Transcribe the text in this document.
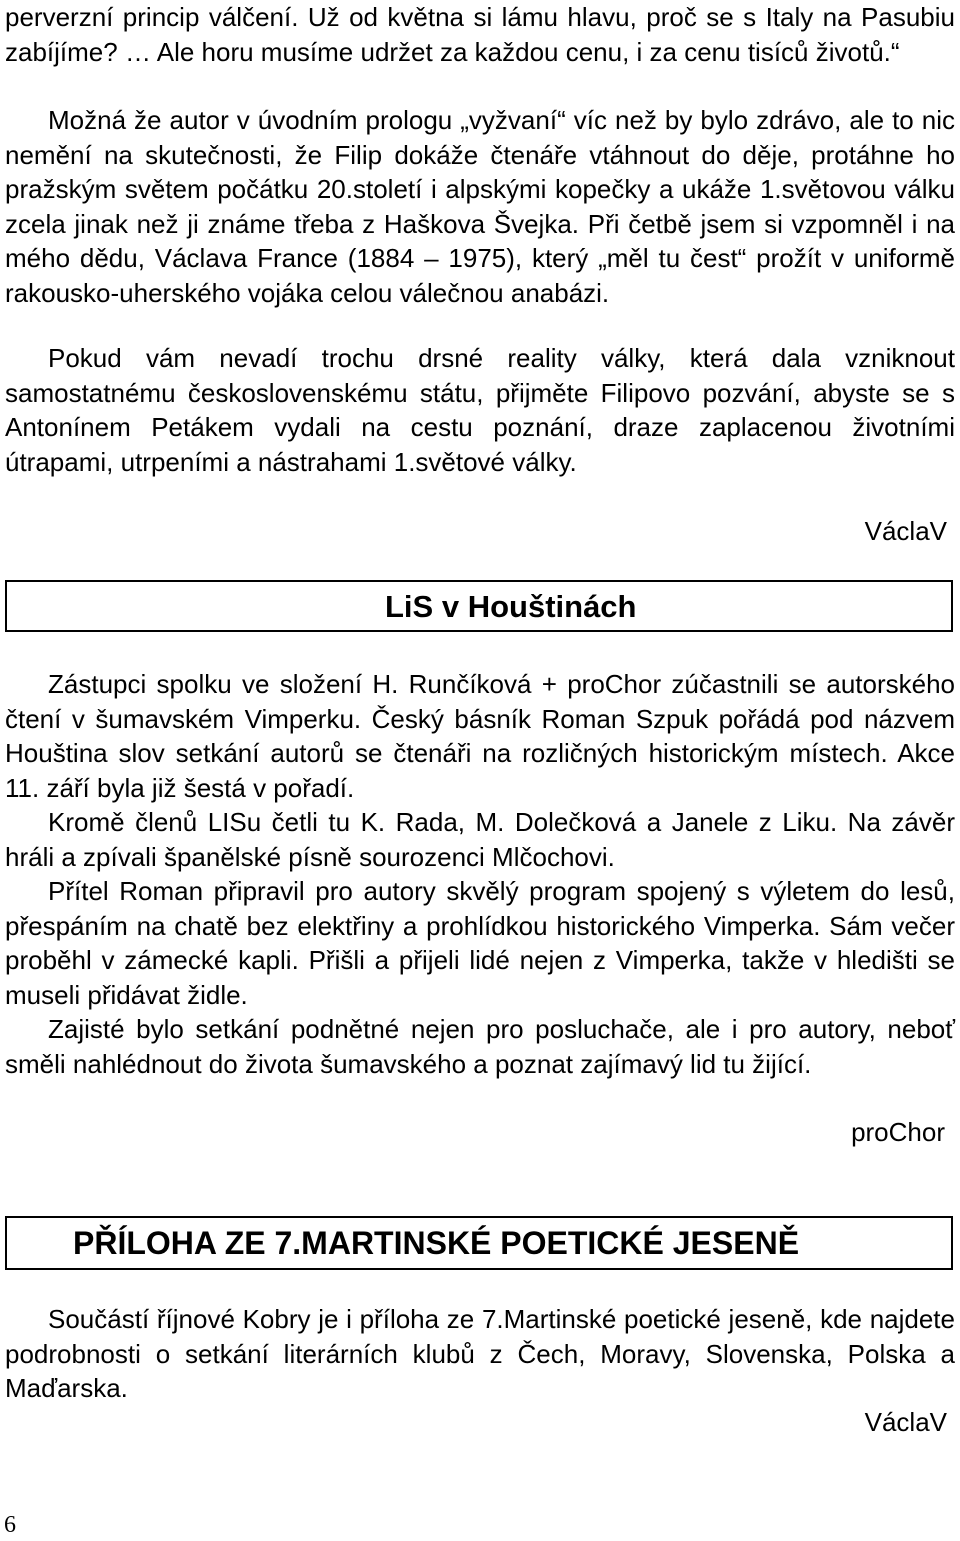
perverzní princip válčení. Už od května si lámu hlavu, proč se s Italy na Pasubiu zabíjíme? … Ale horu musíme udržet za každou cenu, i za cenu tisíců životů.“

Možná že autor v úvodním prologu „vyžvaní“ víc než by bylo zdrávo, ale to nic nemění na skutečnosti, že Filip dokáže čtenáře vtáhnout do děje, protáhne ho pražským světem počátku 20.století i alpskými kopečky a ukáže 1.světovou válku zcela jinak než ji známe třeba z Haškova Švejka. Při četbě jsem si vzpomněl i na mého dědu, Václava France (1884 – 1975), který „měl tu čest“ prožít v uniformě rakousko-uherského vojáka celou válečnou anabázi.

Pokud vám nevadí trochu drsné reality války, která dala vzniknout samostatnému československému státu, přijměte Filipovo pozvání, abyste se s Antonínem Petákem vydali na cestu poznání, draze zaplacenou životními útrapami, utrpeními a nástrahami 1.světové války.

VáclaV

LiS v Houštinách

Zástupci spolku ve složení H. Runčíková + proChor zúčastnili se autorského čtení v šumavském Vimperku. Český básník Roman Szpuk pořádá pod názvem Houština slov setkání autorů se čtenáři na rozličných historickým místech. Akce 11. září byla již šestá v pořadí.

Kromě členů LISu četli tu K. Rada, M. Dolečková a Janele z Liku. Na závěr hráli a zpívali španělské písně sourozenci Mlčochovi.

Přítel Roman připravil pro autory skvělý program spojený s výletem do lesů, přespáním na chatě bez elektřiny a prohlídkou historického Vimperka. Sám večer proběhl v zámecké kapli. Přišli a přijeli lidé nejen z Vimperka, takže v hledišti se museli přidávat židle.

Zajisté bylo setkání podnětné nejen pro posluchače, ale i pro autory, neboť směli nahlédnout do života šumavského a poznat zajímavý lid tu žijící.

proChor

PŘÍLOHA ZE 7.MARTINSKÉ POETICKÉ JESENĚ

Součástí říjnové Kobry je i příloha ze 7.Martinské poetické jeseně, kde najdete podrobnosti o setkání literárních klubů z Čech, Moravy, Slovenska, Polska a Maďarska.

VáclaV

6
